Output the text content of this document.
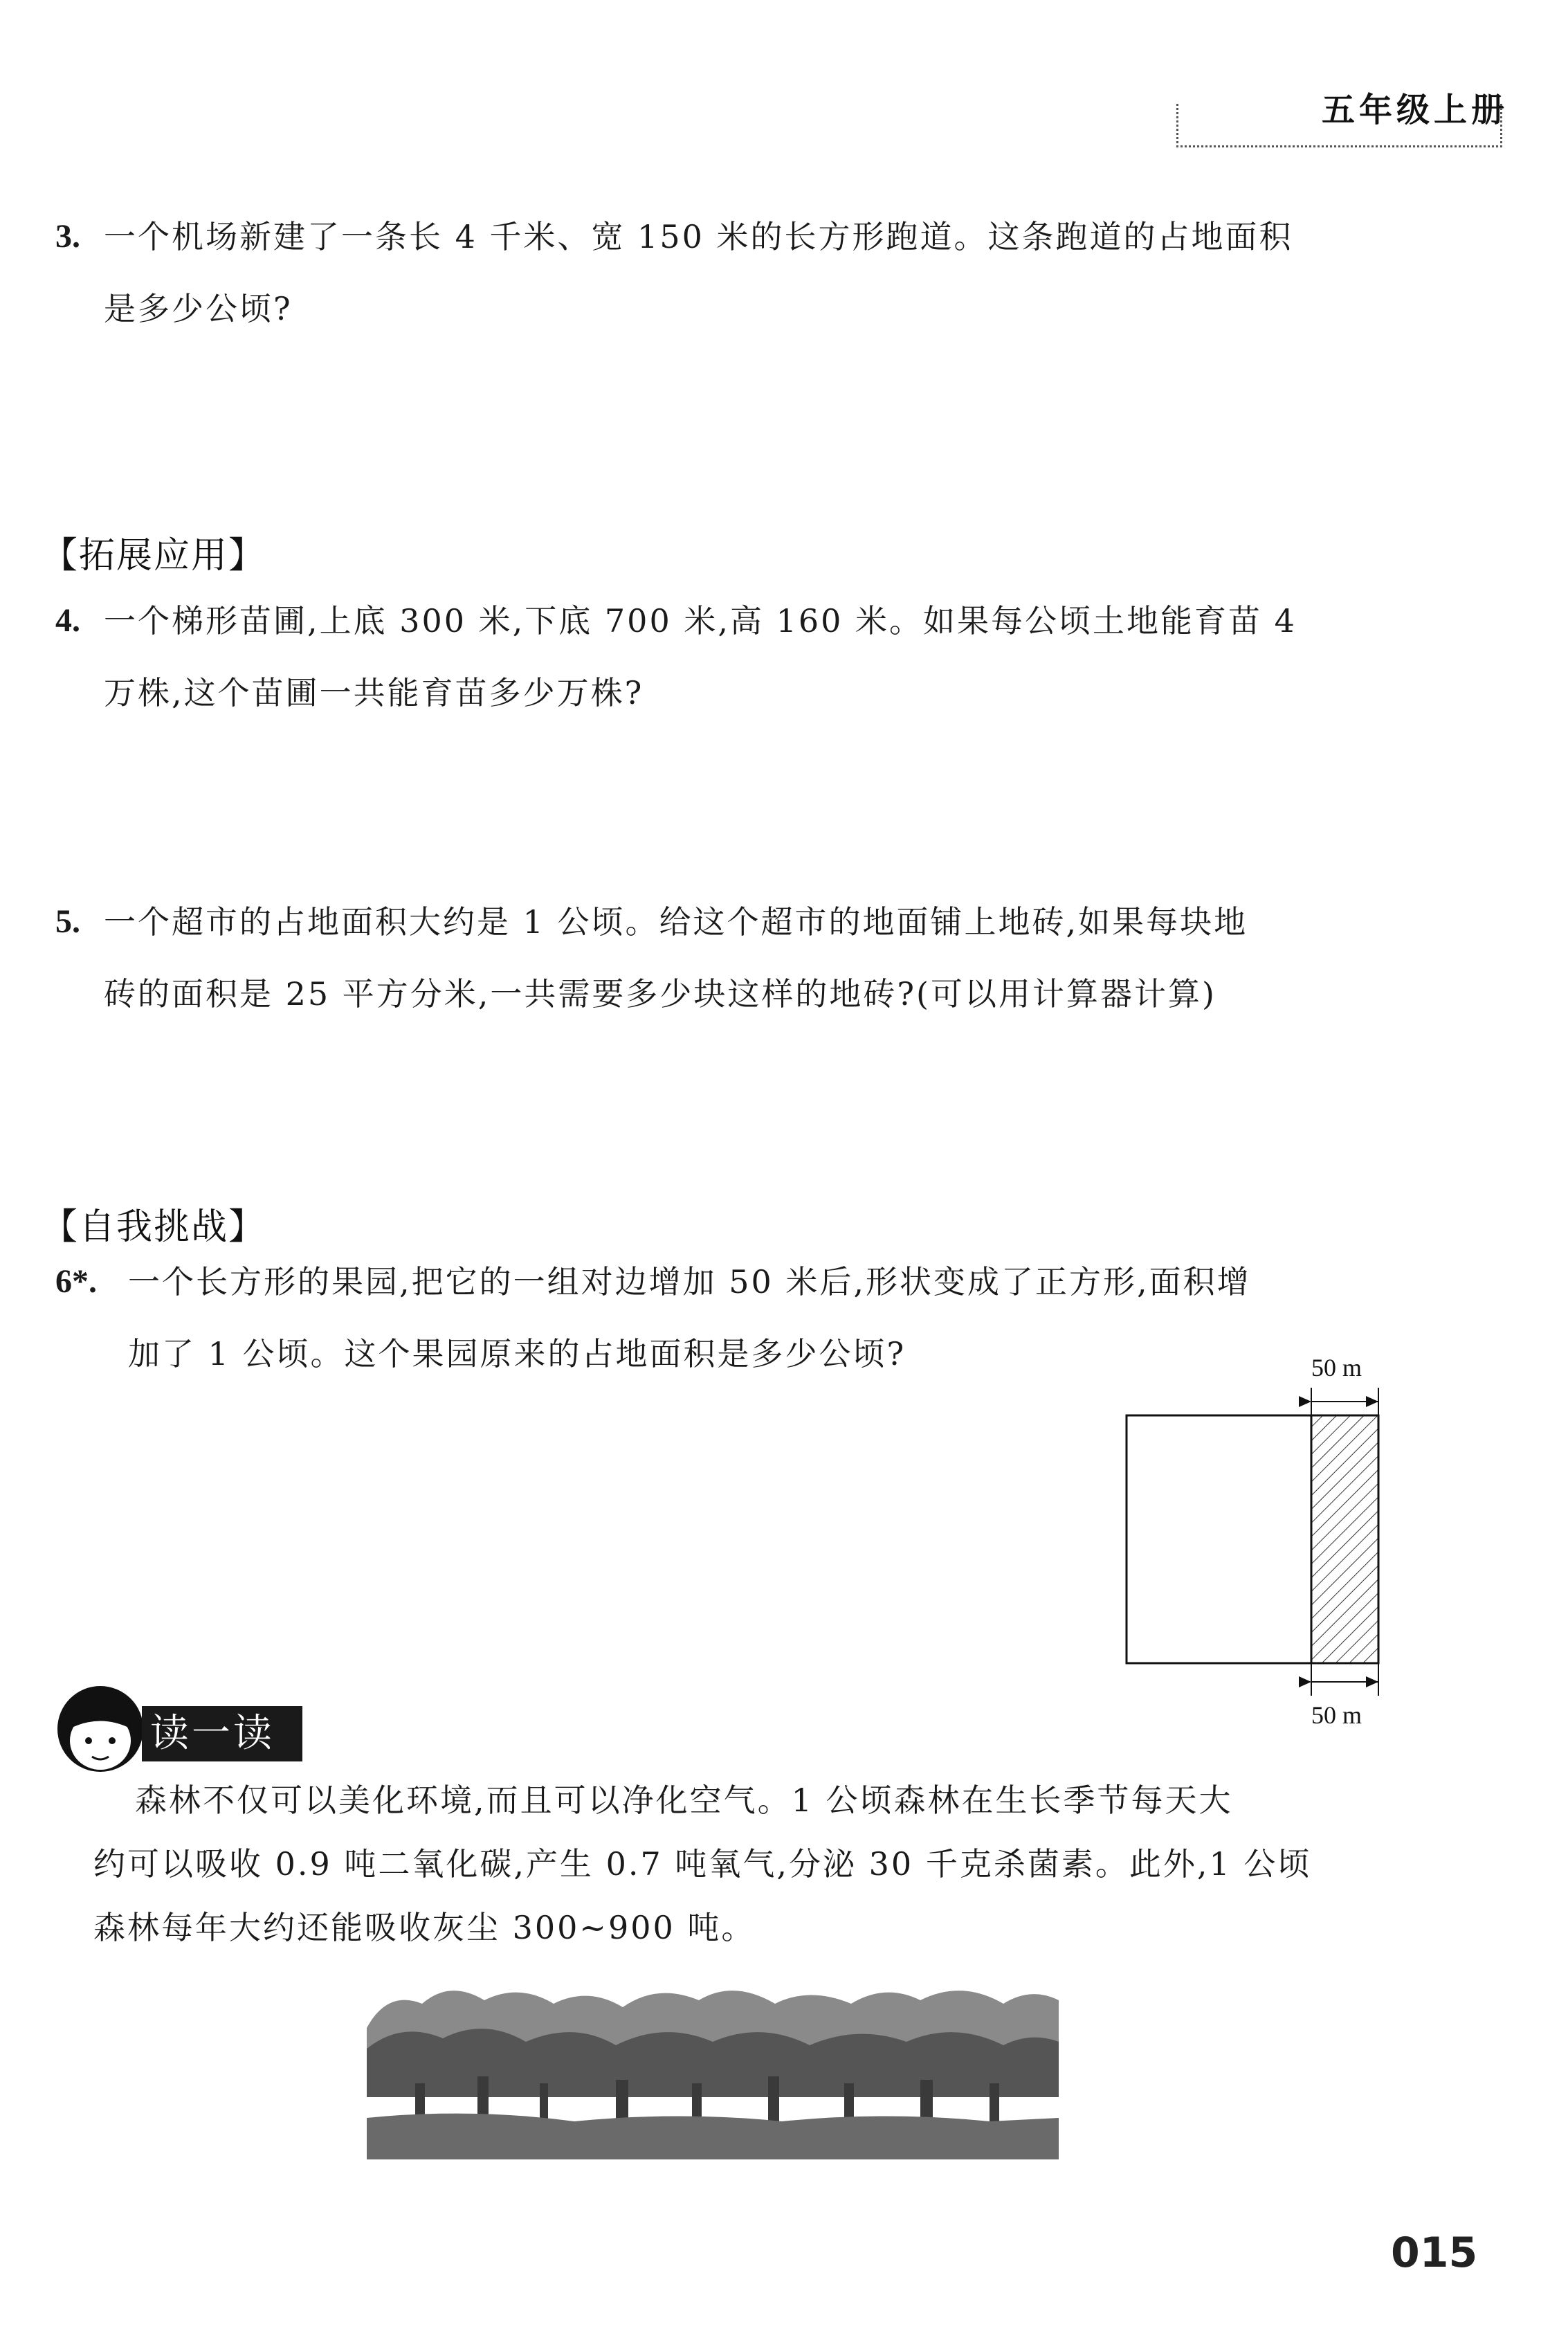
五年级上册
3. 一个机场新建了一条长 4 千米、宽 150 米的长方形跑道。这条跑道的占地面积
是多少公顷?
【拓展应用】
4. 一个梯形苗圃,上底 300 米,下底 700 米,高 160 米。如果每公顷土地能育苗 4
万株,这个苗圃一共能育苗多少万株?
5. 一个超市的占地面积大约是 1 公顷。给这个超市的地面铺上地砖,如果每块地
砖的面积是 25 平方分米,一共需要多少块这样的地砖?(可以用计算器计算)
【自我挑战】
6*. 一个长方形的果园,把它的一组对边增加 50 米后,形状变成了正方形,面积增
加了 1 公顷。这个果园原来的占地面积是多少公顷?	50 m
50 m
读一读

森林不仅可以美化环境,而且可以净化空气。1 公顷森林在生长季节每天大

约可以吸收 0.9 吨二氧化碳,产生 0.7 吨氧气,分泌 30 千克杀菌素。此外,1 公顷

森林每年大约还能吸收灰尘 300~900 吨。

015
